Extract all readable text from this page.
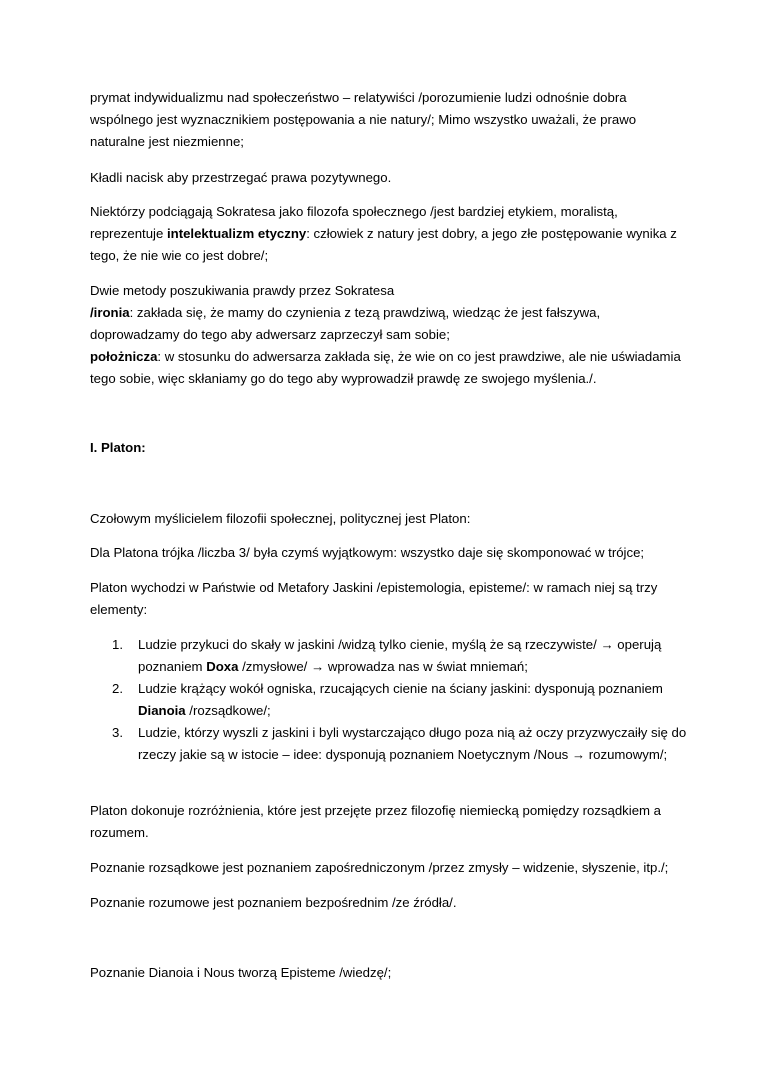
prymat indywidualizmu nad społeczeństwo – relatywiści /porozumienie ludzi odnośnie dobra
wspólnego jest wyznacznikiem postępowania a nie natury/; Mimo wszystko uważali, że prawo
naturalne jest niezmienne;
Kładli nacisk aby przestrzegać prawa pozytywnego.
Niektórzy podciągają Sokratesa jako filozofa społecznego /jest bardziej etykiem, moralistą,
reprezentuje intelektualizm etyczny: człowiek z natury jest dobry, a jego złe postępowanie wynika z
tego, że nie wie co jest dobre/;
Dwie metody poszukiwania prawdy przez Sokratesa
/ironia: zakłada się, że mamy do czynienia z tezą prawdziwą, wiedząc że jest fałszywa,
doprowadzamy do tego aby adwersarz zaprzeczył sam sobie;
położnicza: w stosunku do adwersarza zakłada się, że wie on co jest prawdziwe, ale nie uświadamia
tego sobie, więc skłaniamy go do tego aby wyprowadził prawdę ze swojego myślenia./.
I. Platon:
Czołowym myślicielem filozofii społecznej, politycznej jest Platon:
Dla Platona trójka /liczba 3/ była czymś wyjątkowym: wszystko daje się skomponować w trójce;
Platon wychodzi w Państwie od Metafory Jaskini /epistemologia, episteme/: w ramach niej są trzy
elementy:
1.	Ludzie przykuci do skały w jaskini /widzą tylko cienie, myślą że są rzeczywiste/ → operują
poznaniem Doxa /zmysłowe/ → wprowadza nas w świat mniemań;
2.	Ludzie krążący wokół ogniska, rzucających cienie na ściany jaskini: dysponują poznaniem
Dianoia /rozsądkowe/;
3.	Ludzie, którzy wyszli z jaskini i byli wystarczająco długo poza nią aż oczy przyzwyczaiły się do
rzeczy jakie są w istocie – idee: dysponują poznaniem Noetycznym /Nous → rozumowym/;
Platon dokonuje rozróżnienia, które jest przejęte przez filozofię niemiecką pomiędzy rozsądkiem a
rozumem.
Poznanie rozsądkowe jest poznaniem zapośredniczonym /przez zmysły – widzenie, słyszenie, itp./;
Poznanie rozumowe jest poznaniem bezpośrednim /ze źródła/.
Poznanie Dianoia i Nous tworzą Episteme /wiedzę/;
